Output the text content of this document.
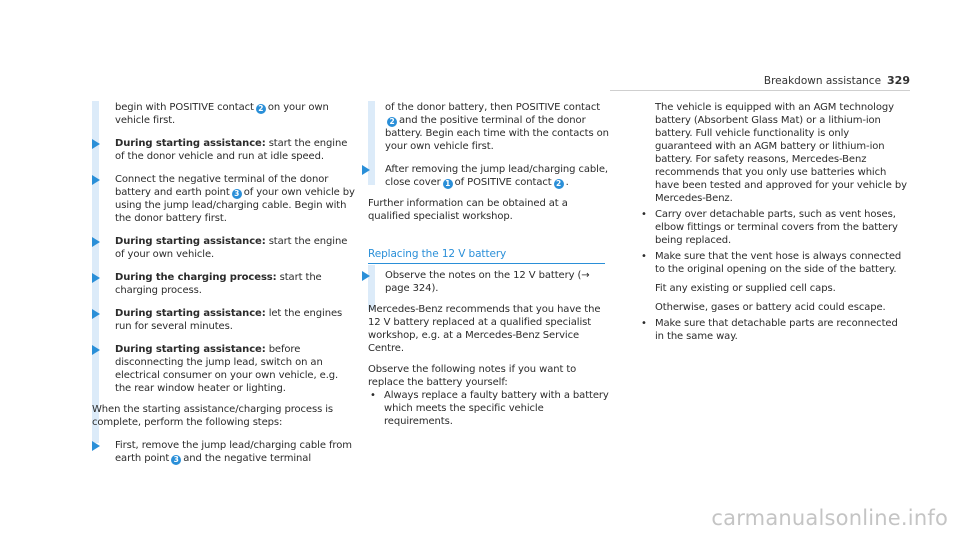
Breakdown assistance 329

begin with POSITIVE contact 2 on your own vehicle first.

During starting assistance: start the engine of the donor vehicle and run at idle speed.

Connect the negative terminal of the donor battery and earth point 3 of your own vehicle by using the jump lead/charging cable. Begin with the donor battery first.

During starting assistance: start the engine of your own vehicle.

During the charging process: start the charging process.

During starting assistance: let the engines run for several minutes.

During starting assistance: before disconnecting the jump lead, switch on an electrical consumer on your own vehicle, e.g. the rear window heater or lighting.

When the starting assistance/charging process is complete, perform the following steps:

First, remove the jump lead/charging cable from earth point 3 and the negative terminal

of the donor battery, then POSITIVE contact2 and the positive terminal of the donor battery. Begin each time with the contacts on your own vehicle first.

After removing the jump lead/charging cable, close cover 1 of POSITIVE contact 2 .

Further information can be obtained at a qualified specialist workshop.

Replacing the 12 V battery

Observe the notes on the 12 V battery (→ page 324).

Mercedes-Benz recommends that you have the 12 V battery replaced at a qualified specialist workshop, e.g. at a Mercedes-Benz Service Centre.

Observe the following notes if you want to replace the battery yourself:

• Always replace a faulty battery with a battery which meets the specific vehicle requirements.

The vehicle is equipped with an AGM technology battery (Absorbent Glass Mat) or a lithium-ion battery. Full vehicle functionality is only guaranteed with an AGM battery or lithium-ion battery. For safety reasons, Mercedes-Benz recommends that you only use batteries which have been tested and approved for your vehicle by Mercedes-Benz.

• Carry over detachable parts, such as vent hoses, elbow fittings or terminal covers from the battery being replaced.

• Make sure that the vent hose is always connected to the original opening on the side of the battery.

Fit any existing or supplied cell caps.

Otherwise, gases or battery acid could escape.

• Make sure that detachable parts are reconnected in the same way.

carmanualsonline.info
